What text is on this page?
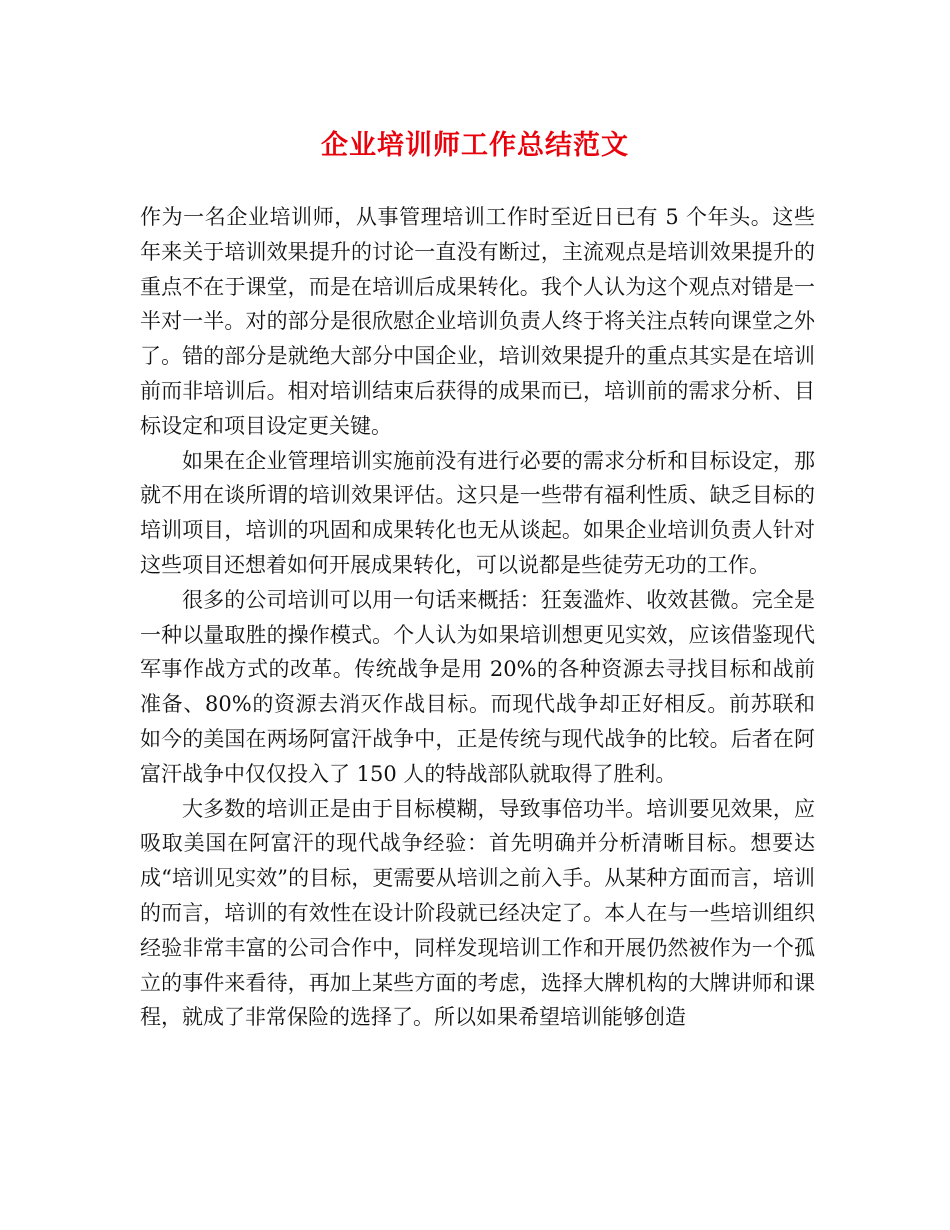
企业培训师工作总结范文

作为一名企业培训师，从事管理培训工作时至近日已有 5 个年头。这些年来关于培训效果提升的讨论一直没有断过，主流观点是培训效果提升的重点不在于课堂，而是在培训后成果转化。我个人认为这个观点对错是一半对一半。对的部分是很欣慰企业培训负责人终于将关注点转向课堂之外了。错的部分是就绝大部分中国企业，培训效果提升的重点其实是在培训前而非培训后。相对培训结束后获得的成果而已，培训前的需求分析、目标设定和项目设定更关键。

如果在企业管理培训实施前没有进行必要的需求分析和目标设定，那就不用在谈所谓的培训效果评估。这只是一些带有福利性质、缺乏目标的培训项目，培训的巩固和成果转化也无从谈起。如果企业培训负责人针对这些项目还想着如何开展成果转化，可以说都是些徒劳无功的工作。

很多的公司培训可以用一句话来概括：狂轰滥炸、收效甚微。完全是一种以量取胜的操作模式。个人认为如果培训想更见实效，应该借鉴现代军事作战方式的改革。传统战争是用 20%的各种资源去寻找目标和战前准备、80%的资源去消灭作战目标。而现代战争却正好相反。前苏联和如今的美国在两场阿富汗战争中，正是传统与现代战争的比较。后者在阿富汗战争中仅仅投入了 150 人的特战部队就取得了胜利。

大多数的培训正是由于目标模糊，导致事倍功半。培训要见效果，应吸取美国在阿富汗的现代战争经验：首先明确并分析清晰目标。想要达成“培训见实效”的目标，更需要从培训之前入手。从某种方面而言，培训的而言，培训的有效性在设计阶段就已经决定了。本人在与一些培训组织经验非常丰富的公司合作中，同样发现培训工作和开展仍然被作为一个孤立的事件来看待，再加上某些方面的考虑，选择大牌机构的大牌讲师和课程，就成了非常保险的选择了。所以如果希望培训能够创造
